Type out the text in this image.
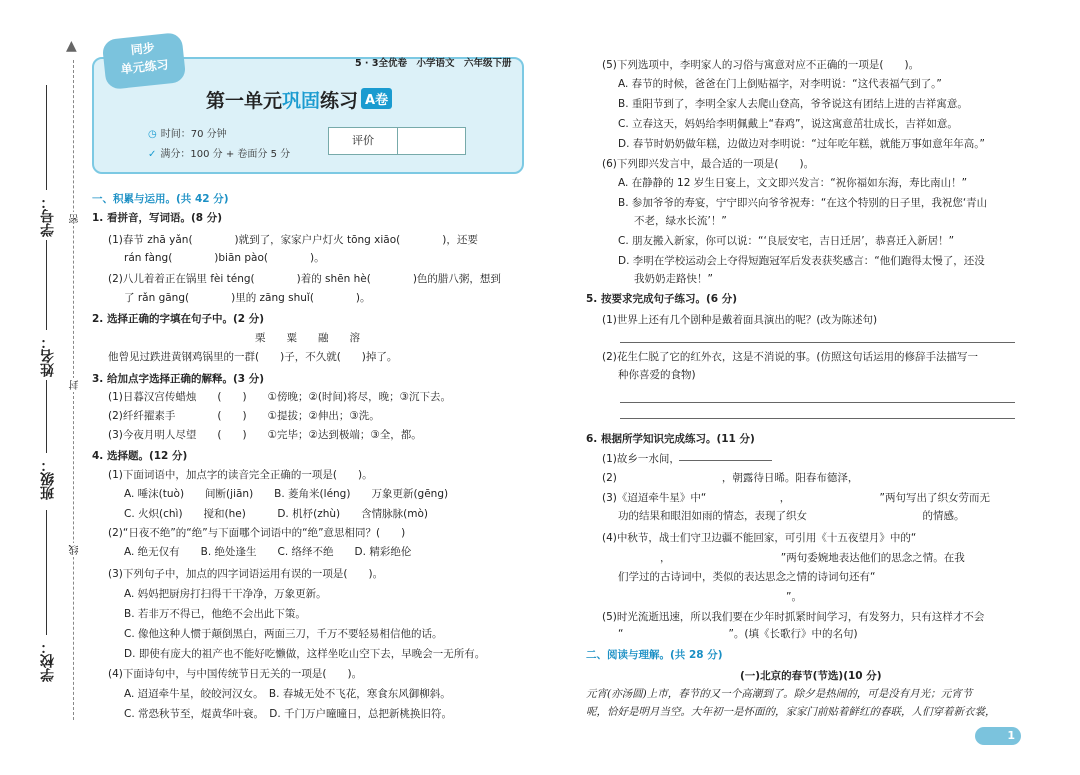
▲
学号：
姓名：
班级：
学校：
密
封
线
同步
单元练习	5 · 3全优卷　小学语文　六年级下册
第一单元巩固练习 A卷
◷ 时间：70 分钟
✓ 满分：100 分 + 卷面分 5 分
评价
一、积累与运用。(共 42 分)
1. 看拼音，写词语。(8 分)
(1)春节 zhā yǎn(　　　　)就到了，家家户户灯火 tōng xiāo(　　　　)，还要
rán fàng(　　　　)biān pào(　　　　)。
(2)八儿着着正在锅里 fèi téng(　　　　)着的 shēn hè(　　　　)色的腊八粥，想到
了 rǎn gāng(　　　　)里的 zāng shuǐ(　　　　)。
2. 选择正确的字填在句子中。(2 分)
栗　　粟　　融　　溶
他曾见过跌进黄钢鸡锅里的一群(　　)子，不久就(　　)掉了。
3. 给加点字选择正确的解释。(3 分)
(1)日暮汉宫传蜡烛　　(　　)　　①傍晚；②(时间)将尽，晚；③沉下去。
(2)纤纤擢素手　　　　(　　)　　①提拔；②伸出；③洗。
(3)今夜月明人尽望　　(　　)　　①完毕；②达到极端；③全，都。
4. 选择题。(12 分)
(1)下面词语中，加点字的读音完全正确的一项是(　　)。
A. 唾沫(tuò)　　间断(jiān)　　B. 菱角米(léng)　　万象更新(gēng)
C. 火炽(chì)　　搅和(he)　　　D. 机杼(zhù)　　含情脉脉(mò)
(2)“日夜不绝”的“绝”与下面哪个词语中的“绝”意思相同？(　　)
A. 绝无仅有　　B. 绝处逢生　　C. 络绎不绝　　D. 精彩绝伦
(3)下列句子中，加点的四字词语运用有误的一项是(　　)。
A. 妈妈把厨房打扫得干干净净，万象更新。
B. 若非万不得已，他绝不会出此下策。
C. 像他这种人惯于颠倒黑白，两面三刀，千万不要轻易相信他的话。
D. 即使有庞大的祖产也不能好吃懒做，这样坐吃山空下去，早晚会一无所有。
(4)下面诗句中，与中国传统节日无关的一项是(　　)。
A. 迢迢牵牛星，皎皎河汉女。　B. 春城无处不飞花，寒食东风御柳斜。
C. 常恐秋节至，焜黄华叶衰。　D. 千门万户曈曈日，总把新桃换旧符。
(5)下列选项中，李明家人的习俗与寓意对应不正确的一项是(　　)。
A. 春节的时候，爸爸在门上倒贴福字，对李明说：“这代表福气到了。”
B. 重阳节到了，李明全家人去爬山登高，爷爷说这有团结上进的吉祥寓意。
C. 立春这天，妈妈给李明佩戴上“春鸡”，说这寓意茁壮成长，吉祥如意。
D. 春节时奶奶做年糕，边做边对李明说：“过年吃年糕，就能万事如意年年高。”
(6)下列即兴发言中，最合适的一项是(　　)。
A. 在静静的 12 岁生日宴上，文文即兴发言：“祝你福如东海，寿比南山！”
B. 参加爷爷的寿宴，宁宁即兴向爷爷祝寿：“在这个特别的日子里，我祝您‘青山
不老，绿水长流’！”
C. 朋友搬入新家，你可以说：“‘良辰安宅，吉日迁居’，恭喜迁入新居！”
D. 李明在学校运动会上夺得短跑冠军后发表获奖感言：“他们跑得太慢了，还没
我奶奶走路快！”
5. 按要求完成句子练习。(6 分)
(1)世界上还有几个剧种是戴着面具演出的呢？(改为陈述句)
(2)花生仁脱了它的红外衣，这是不消说的事。(仿照这句话运用的修辞手法描写一
种你喜爱的食物)
6. 根据所学知识完成练习。(11 分)
(1)故乡一水间，
(2)　　　　　　　　　　，朝露待日晞。阳春布德泽，
(3)《迢迢牵牛星》中“　　　　　　　，　　　　　　　　　”两句写出了织女劳而无
功的结果和眼泪如雨的情态，表现了织女　　　　　　　　　　　的情感。
(4)中秋节，战士们守卫边疆不能回家，可引用《十五夜望月》中的“
　　　　，　　　　　　　　　　　”两句委婉地表达他们的思念之情。在我
们学过的古诗词中，类似的表达思念之情的诗词句还有“
　　　　　　　　　　　　　　　　”。
(5)时光流逝迅速，所以我们要在少年时抓紧时间学习，有发努力，只有这样才不会
“　　　　　　　　　　”。(填《长歌行》中的名句)
二、阅读与理解。(共 28 分)
(一)北京的春节(节选)(10 分)
元宵(亦汤圆)上市，春节的又一个高潮到了。除夕是热闹的，可是没有月光；元宵节
呢，恰好是明月当空。大年初一是怀面的，家家门前贴着鲜红的春联，人们穿着新衣裳，
1
